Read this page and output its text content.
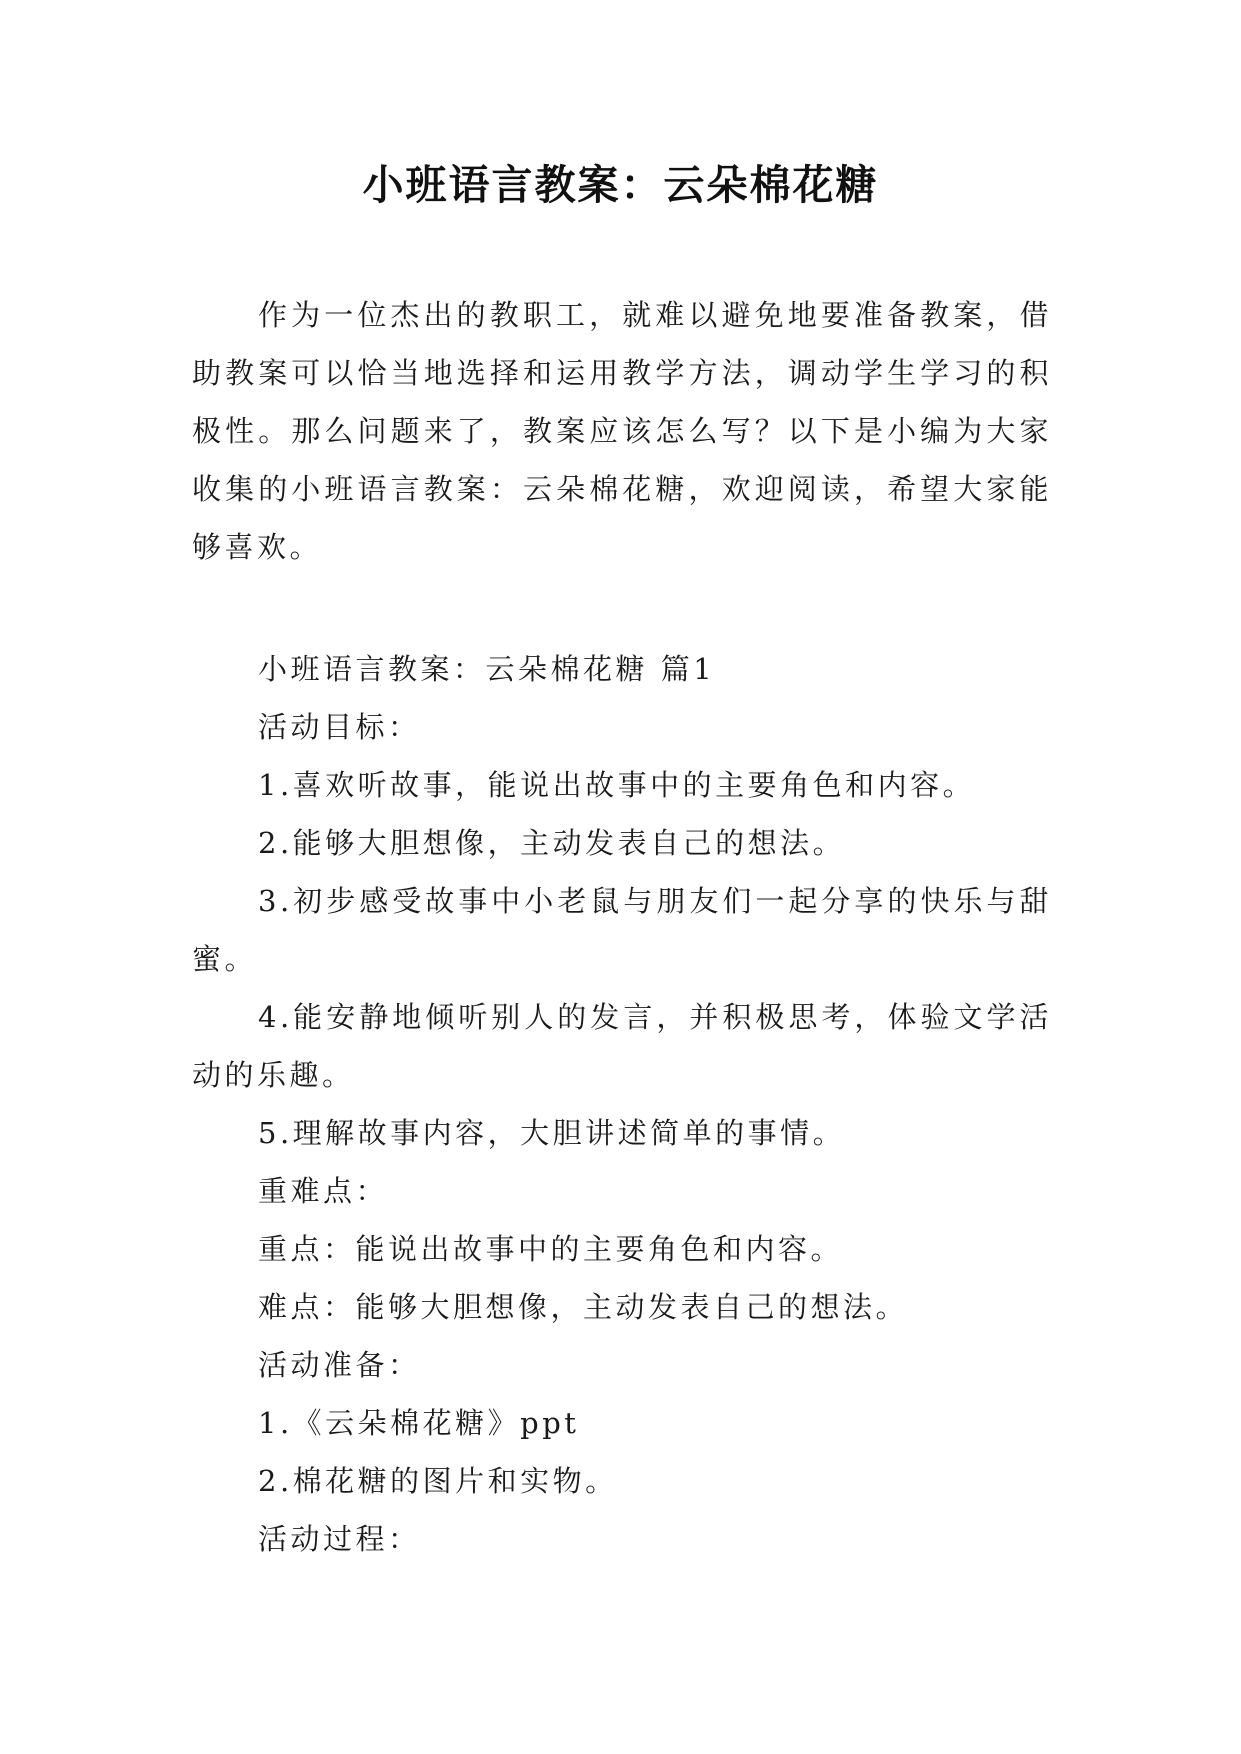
小班语言教案：云朵棉花糖

作为一位杰出的教职工，就难以避免地要准备教案，借助教案可以恰当地选择和运用教学方法，调动学生学习的积极性。那么问题来了，教案应该怎么写？以下是小编为大家收集的小班语言教案：云朵棉花糖，欢迎阅读，希望大家能够喜欢。

小班语言教案：云朵棉花糖 篇1

活动目标：

1.喜欢听故事，能说出故事中的主要角色和内容。

2.能够大胆想像，主动发表自己的想法。

3.初步感受故事中小老鼠与朋友们一起分享的快乐与甜蜜。

4.能安静地倾听别人的发言，并积极思考，体验文学活动的乐趣。

5.理解故事内容，大胆讲述简单的事情。

重难点：

重点：能说出故事中的主要角色和内容。

难点：能够大胆想像，主动发表自己的想法。

活动准备：

1.《云朵棉花糖》ppt

2.棉花糖的图片和实物。

活动过程：
